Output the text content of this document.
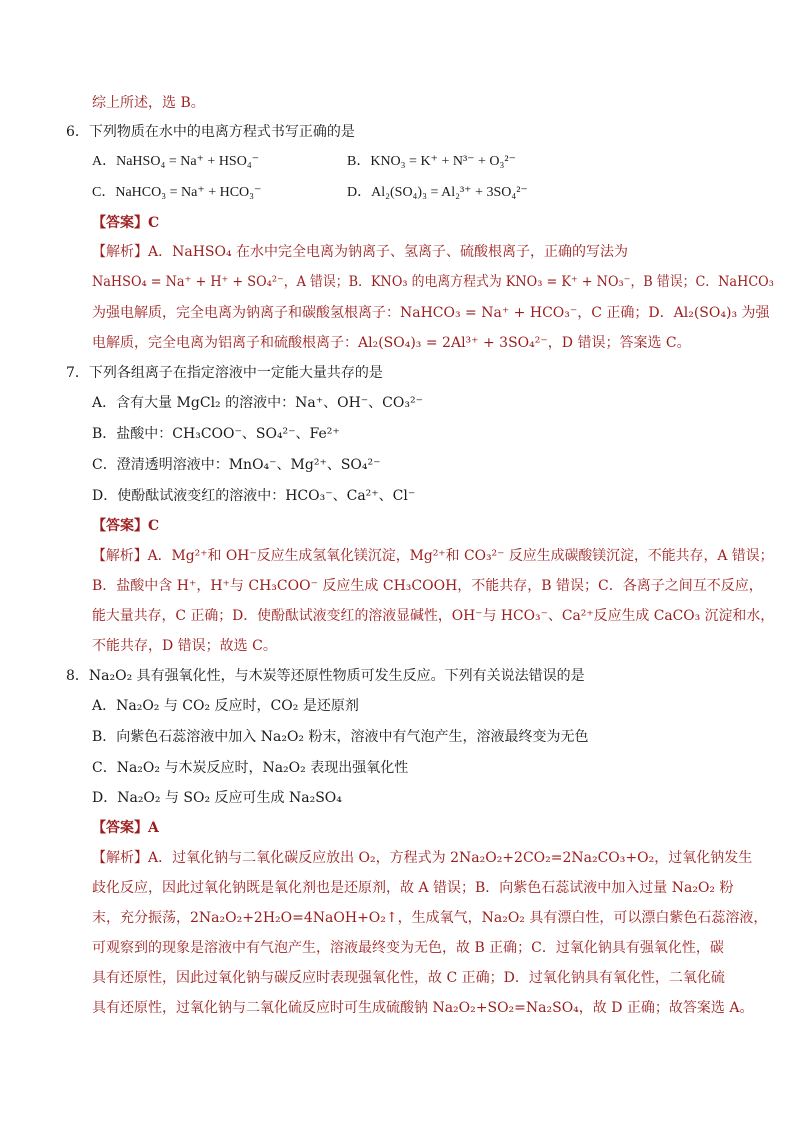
综上所述，选 B。
6．下列物质在水中的电离方程式书写正确的是
A．NaHSO₄ = Na⁺ + HSO₄⁻	B．KNO₃ = K⁺ + N³⁻ + O₃²⁻
C．NaHCO₃ = Na⁺ + HCO₃⁻	D．Al₂(SO₄)₃ = Al₂³⁺ + 3SO₄²⁻
【答案】C
【解析】A．NaHSO₄ 在水中完全电离为钠离子、氢离子、硫酸根离子，正确的写法为
NaHSO₄ = Na⁺ + H⁺ + SO₄²⁻，A 错误；B．KNO₃ 的电离方程式为 KNO₃ = K⁺ + NO₃⁻，B 错误；C．NaHCO₃
为强电解质，完全电离为钠离子和碳酸氢根离子：NaHCO₃ = Na⁺ + HCO₃⁻，C 正确；D．Al₂(SO₄)₃ 为强
电解质，完全电离为铝离子和硫酸根离子：Al₂(SO₄)₃ = 2Al³⁺ + 3SO₄²⁻，D 错误；答案选 C。
7．下列各组离子在指定溶液中一定能大量共存的是
A．含有大量 MgCl₂ 的溶液中：Na⁺、OH⁻、CO₃²⁻
B．盐酸中：CH₃COO⁻、SO₄²⁻、Fe²⁺
C．澄清透明溶液中：MnO₄⁻、Mg²⁺、SO₄²⁻
D．使酚酞试液变红的溶液中：HCO₃⁻、Ca²⁺、Cl⁻
【答案】C
【解析】A．Mg²⁺和 OH⁻反应生成氢氧化镁沉淀，Mg²⁺和 CO₃²⁻ 反应生成碳酸镁沉淀，不能共存，A 错误；
B．盐酸中含 H⁺，H⁺与 CH₃COO⁻ 反应生成 CH₃COOH，不能共存，B 错误；C．各离子之间互不反应，
能大量共存，C 正确；D．使酚酞试液变红的溶液显碱性，OH⁻与 HCO₃⁻、Ca²⁺反应生成 CaCO₃ 沉淀和水，
不能共存，D 错误；故选 C。
8．Na₂O₂ 具有强氧化性，与木炭等还原性物质可发生反应。下列有关说法错误的是
A．Na₂O₂ 与 CO₂ 反应时，CO₂ 是还原剂
B．向紫色石蕊溶液中加入 Na₂O₂ 粉末，溶液中有气泡产生，溶液最终变为无色
C．Na₂O₂ 与木炭反应时，Na₂O₂ 表现出强氧化性
D．Na₂O₂ 与 SO₂ 反应可生成 Na₂SO₄
【答案】A
【解析】A．过氧化钠与二氧化碳反应放出 O₂，方程式为 2Na₂O₂+2CO₂=2Na₂CO₃+O₂，过氧化钠发生
歧化反应，因此过氧化钠既是氧化剂也是还原剂，故 A 错误；B．向紫色石蕊试液中加入过量 Na₂O₂ 粉
末，充分振荡，2Na₂O₂+2H₂O=4NaOH+O₂↑，生成氧气，Na₂O₂ 具有漂白性，可以漂白紫色石蕊溶液，
可观察到的现象是溶液中有气泡产生，溶液最终变为无色，故 B 正确；C．过氧化钠具有强氧化性，碳
具有还原性，因此过氧化钠与碳反应时表现强氧化性，故 C 正确；D．过氧化钠具有氧化性，二氧化硫
具有还原性，过氧化钠与二氧化硫反应时可生成硫酸钠 Na₂O₂+SO₂=Na₂SO₄，故 D 正确；故答案选 A。
